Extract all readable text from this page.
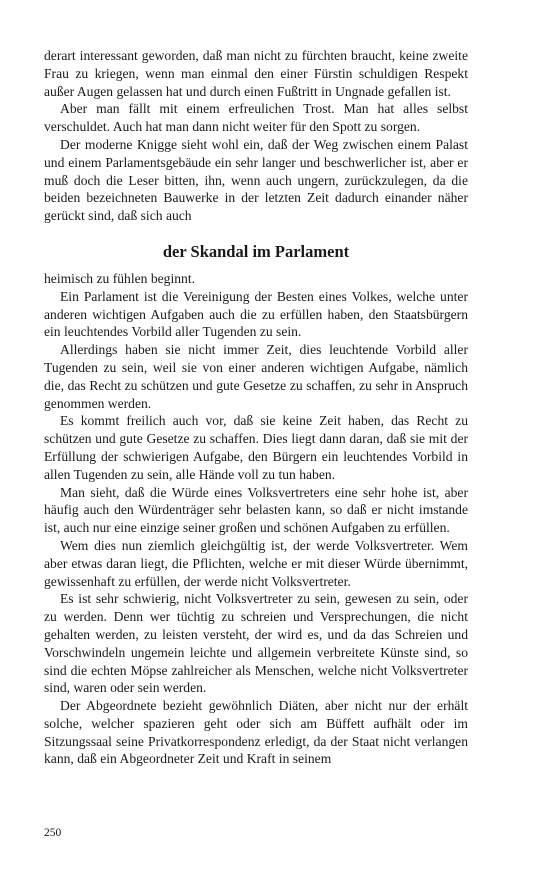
derart interessant geworden, daß man nicht zu fürchten braucht, keine zweite Frau zu kriegen, wenn man einmal den einer Fürstin schuldigen Respekt außer Augen gelassen hat und durch einen Fußtritt in Ungnade gefallen ist.

Aber man fällt mit einem erfreulichen Trost. Man hat alles selbst verschuldet. Auch hat man dann nicht weiter für den Spott zu sorgen.

Der moderne Knigge sieht wohl ein, daß der Weg zwischen einem Palast und einem Parlamentsgebäude ein sehr langer und beschwerlicher ist, aber er muß doch die Leser bitten, ihn, wenn auch ungern, zurückzulegen, da die beiden bezeichneten Bauwerke in der letzten Zeit dadurch einander näher gerückt sind, daß sich auch

der Skandal im Parlament

heimisch zu fühlen beginnt.

Ein Parlament ist die Vereinigung der Besten eines Volkes, welche unter anderen wichtigen Aufgaben auch die zu erfüllen haben, den Staatsbürgern ein leuchtendes Vorbild aller Tugenden zu sein.

Allerdings haben sie nicht immer Zeit, dies leuchtende Vorbild aller Tugenden zu sein, weil sie von einer anderen wichtigen Aufgabe, nämlich die, das Recht zu schützen und gute Gesetze zu schaffen, zu sehr in Anspruch genommen werden.

Es kommt freilich auch vor, daß sie keine Zeit haben, das Recht zu schützen und gute Gesetze zu schaffen. Dies liegt dann daran, daß sie mit der Erfüllung der schwierigen Aufgabe, den Bürgern ein leuchtendes Vorbild in allen Tugenden zu sein, alle Hände voll zu tun haben.

Man sieht, daß die Würde eines Volksvertreters eine sehr hohe ist, aber häufig auch den Würdenträger sehr belasten kann, so daß er nicht imstande ist, auch nur eine einzige seiner großen und schönen Aufgaben zu erfüllen.

Wem dies nun ziemlich gleichgültig ist, der werde Volksvertreter. Wem aber etwas daran liegt, die Pflichten, welche er mit dieser Würde übernimmt, gewissenhaft zu erfüllen, der werde nicht Volksvertreter.

Es ist sehr schwierig, nicht Volksvertreter zu sein, gewesen zu sein, oder zu werden. Denn wer tüchtig zu schreien und Versprechungen, die nicht gehalten werden, zu leisten versteht, der wird es, und da das Schreien und Vorschwindeln ungemein leichte und allgemein verbreitete Künste sind, so sind die echten Möpse zahlreicher als Menschen, welche nicht Volksvertreter sind, waren oder sein werden.

Der Abgeordnete bezieht gewöhnlich Diäten, aber nicht nur der erhält solche, welcher spazieren geht oder sich am Büffett aufhält oder im Sitzungssaal seine Privatkorrespondenz erledigt, da der Staat nicht verlangen kann, daß ein Abgeordneter Zeit und Kraft in seinem

250
